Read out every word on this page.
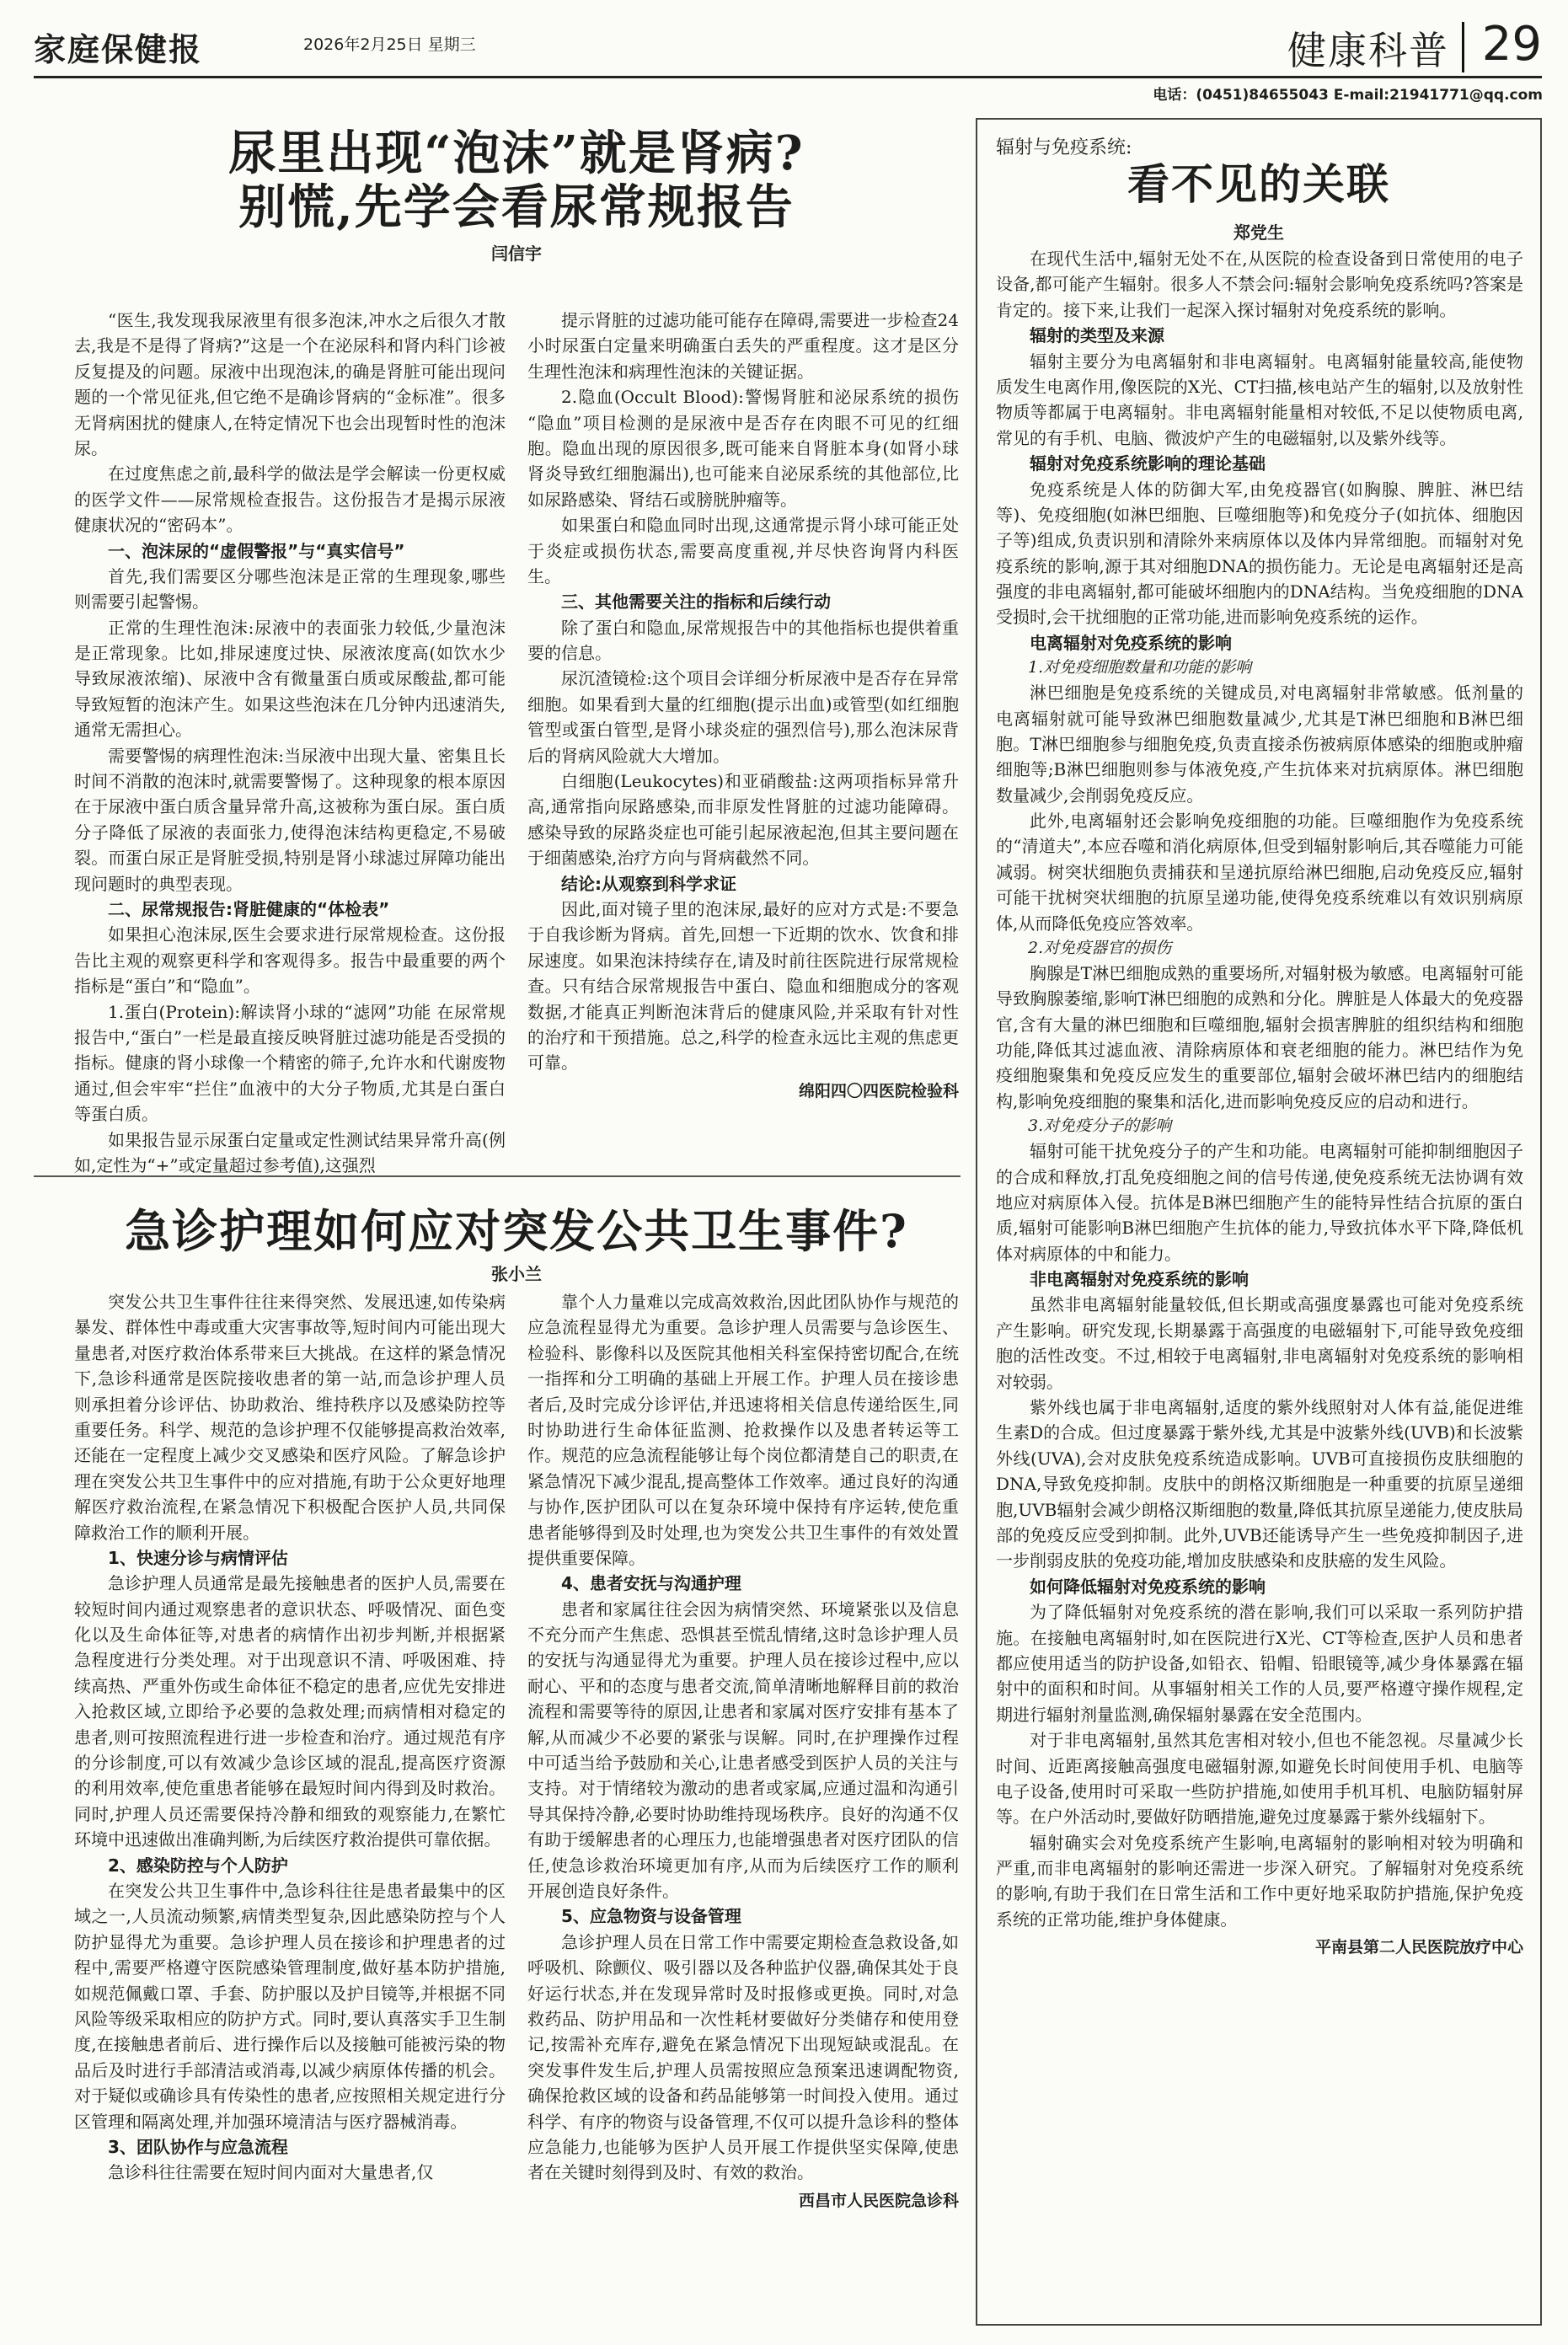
家庭保健报	2026年2月25日 星期三	健康科普 29
电话：(0451)84655043 E-mail:21941771@qq.com
尿里出现“泡沫”就是肾病?
别慌,先学会看尿常规报告
闫信宇

“医生,我发现我尿液里有很多泡沫,冲水之后很久才散去,我是不是得了肾病?”这是一个在泌尿科和肾内科门诊被反复提及的问题。尿液中出现泡沫,的确是肾脏可能出现问题的一个常见征兆,但它绝不是确诊肾病的“金标准”。很多无肾病困扰的健康人,在特定情况下也会出现暂时性的泡沫尿。

在过度焦虑之前,最科学的做法是学会解读一份更权威的医学文件——尿常规检查报告。这份报告才是揭示尿液健康状况的“密码本”。

一、泡沫尿的“虚假警报”与“真实信号”

首先,我们需要区分哪些泡沫是正常的生理现象,哪些则需要引起警惕。

正常的生理性泡沫:尿液中的表面张力较低,少量泡沫是正常现象。比如,排尿速度过快、尿液浓度高(如饮水少导致尿液浓缩)、尿液中含有微量蛋白质或尿酸盐,都可能导致短暂的泡沫产生。如果这些泡沫在几分钟内迅速消失,通常无需担心。

需要警惕的病理性泡沫:当尿液中出现大量、密集且长时间不消散的泡沫时,就需要警惕了。这种现象的根本原因在于尿液中蛋白质含量异常升高,这被称为蛋白尿。蛋白质分子降低了尿液的表面张力,使得泡沫结构更稳定,不易破裂。而蛋白尿正是肾脏受损,特别是肾小球滤过屏障功能出现问题时的典型表现。

二、尿常规报告:肾脏健康的“体检表”

如果担心泡沫尿,医生会要求进行尿常规检查。这份报告比主观的观察更科学和客观得多。报告中最重要的两个指标是“蛋白”和“隐血”。

1.蛋白(Protein):解读肾小球的“滤网”功能 在尿常规报告中,“蛋白”一栏是最直接反映肾脏过滤功能是否受损的指标。健康的肾小球像一个精密的筛子,允许水和代谢废物通过,但会牢牢“拦住”血液中的大分子物质,尤其是白蛋白等蛋白质。

如果报告显示尿蛋白定量或定性测试结果异常升高(例如,定性为“+”或定量超过参考值),这强烈

提示肾脏的过滤功能可能存在障碍,需要进一步检查24小时尿蛋白定量来明确蛋白丢失的严重程度。这才是区分生理性泡沫和病理性泡沫的关键证据。

2.隐血(Occult Blood):警惕肾脏和泌尿系统的损伤 “隐血”项目检测的是尿液中是否存在肉眼不可见的红细胞。隐血出现的原因很多,既可能来自肾脏本身(如肾小球肾炎导致红细胞漏出),也可能来自泌尿系统的其他部位,比如尿路感染、肾结石或膀胱肿瘤等。

如果蛋白和隐血同时出现,这通常提示肾小球可能正处于炎症或损伤状态,需要高度重视,并尽快咨询肾内科医生。

三、其他需要关注的指标和后续行动

除了蛋白和隐血,尿常规报告中的其他指标也提供着重要的信息。

尿沉渣镜检:这个项目会详细分析尿液中是否存在异常细胞。如果看到大量的红细胞(提示出血)或管型(如红细胞管型或蛋白管型,是肾小球炎症的强烈信号),那么泡沫尿背后的肾病风险就大大增加。

白细胞(Leukocytes)和亚硝酸盐:这两项指标异常升高,通常指向尿路感染,而非原发性肾脏的过滤功能障碍。感染导致的尿路炎症也可能引起尿液起泡,但其主要问题在于细菌感染,治疗方向与肾病截然不同。

结论:从观察到科学求证

因此,面对镜子里的泡沫尿,最好的应对方式是:不要急于自我诊断为肾病。首先,回想一下近期的饮水、饮食和排尿速度。如果泡沫持续存在,请及时前往医院进行尿常规检查。只有结合尿常规报告中蛋白、隐血和细胞成分的客观数据,才能真正判断泡沫背后的健康风险,并采取有针对性的治疗和干预措施。总之,科学的检查永远比主观的焦虑更可靠。

绵阳四〇四医院检验科
急诊护理如何应对突发公共卫生事件?
张小兰

突发公共卫生事件往往来得突然、发展迅速,如传染病暴发、群体性中毒或重大灾害事故等,短时间内可能出现大量患者,对医疗救治体系带来巨大挑战。在这样的紧急情况下,急诊科通常是医院接收患者的第一站,而急诊护理人员则承担着分诊评估、协助救治、维持秩序以及感染防控等重要任务。科学、规范的急诊护理不仅能够提高救治效率,还能在一定程度上减少交叉感染和医疗风险。了解急诊护理在突发公共卫生事件中的应对措施,有助于公众更好地理解医疗救治流程,在紧急情况下积极配合医护人员,共同保障救治工作的顺利开展。

1、快速分诊与病情评估

急诊护理人员通常是最先接触患者的医护人员,需要在较短时间内通过观察患者的意识状态、呼吸情况、面色变化以及生命体征等,对患者的病情作出初步判断,并根据紧急程度进行分类处理。对于出现意识不清、呼吸困难、持续高热、严重外伤或生命体征不稳定的患者,应优先安排进入抢救区域,立即给予必要的急救处理;而病情相对稳定的患者,则可按照流程进行进一步检查和治疗。通过规范有序的分诊制度,可以有效减少急诊区域的混乱,提高医疗资源的利用效率,使危重患者能够在最短时间内得到及时救治。同时,护理人员还需要保持冷静和细致的观察能力,在繁忙环境中迅速做出准确判断,为后续医疗救治提供可靠依据。

2、感染防控与个人防护

在突发公共卫生事件中,急诊科往往是患者最集中的区域之一,人员流动频繁,病情类型复杂,因此感染防控与个人防护显得尤为重要。急诊护理人员在接诊和护理患者的过程中,需要严格遵守医院感染管理制度,做好基本防护措施,如规范佩戴口罩、手套、防护服以及护目镜等,并根据不同风险等级采取相应的防护方式。同时,要认真落实手卫生制度,在接触患者前后、进行操作后以及接触可能被污染的物品后及时进行手部清洁或消毒,以减少病原体传播的机会。对于疑似或确诊具有传染性的患者,应按照相关规定进行分区管理和隔离处理,并加强环境清洁与医疗器械消毒。

3、团队协作与应急流程

急诊科往往需要在短时间内面对大量患者,仅

靠个人力量难以完成高效救治,因此团队协作与规范的应急流程显得尤为重要。急诊护理人员需要与急诊医生、检验科、影像科以及医院其他相关科室保持密切配合,在统一指挥和分工明确的基础上开展工作。护理人员在接诊患者后,及时完成分诊评估,并迅速将相关信息传递给医生,同时协助进行生命体征监测、抢救操作以及患者转运等工作。规范的应急流程能够让每个岗位都清楚自己的职责,在紧急情况下减少混乱,提高整体工作效率。通过良好的沟通与协作,医护团队可以在复杂环境中保持有序运转,使危重患者能够得到及时处理,也为突发公共卫生事件的有效处置提供重要保障。

4、患者安抚与沟通护理

患者和家属往往会因为病情突然、环境紧张以及信息不充分而产生焦虑、恐惧甚至慌乱情绪,这时急诊护理人员的安抚与沟通显得尤为重要。护理人员在接诊过程中,应以耐心、平和的态度与患者交流,简单清晰地解释目前的救治流程和需要等待的原因,让患者和家属对医疗安排有基本了解,从而减少不必要的紧张与误解。同时,在护理操作过程中可适当给予鼓励和关心,让患者感受到医护人员的关注与支持。对于情绪较为激动的患者或家属,应通过温和沟通引导其保持冷静,必要时协助维持现场秩序。良好的沟通不仅有助于缓解患者的心理压力,也能增强患者对医疗团队的信任,使急诊救治环境更加有序,从而为后续医疗工作的顺利开展创造良好条件。

5、应急物资与设备管理

急诊护理人员在日常工作中需要定期检查急救设备,如呼吸机、除颤仪、吸引器以及各种监护仪器,确保其处于良好运行状态,并在发现异常时及时报修或更换。同时,对急救药品、防护用品和一次性耗材要做好分类储存和使用登记,按需补充库存,避免在紧急情况下出现短缺或混乱。在突发事件发生后,护理人员需按照应急预案迅速调配物资,确保抢救区域的设备和药品能够第一时间投入使用。通过科学、有序的物资与设备管理,不仅可以提升急诊科的整体应急能力,也能够为医护人员开展工作提供坚实保障,使患者在关键时刻得到及时、有效的救治。

西昌市人民医院急诊科
辐射与免疫系统:
看不见的关联
郑党生

在现代生活中,辐射无处不在,从医院的检查设备到日常使用的电子设备,都可能产生辐射。很多人不禁会问:辐射会影响免疫系统吗?答案是肯定的。接下来,让我们一起深入探讨辐射对免疫系统的影响。

辐射的类型及来源

辐射主要分为电离辐射和非电离辐射。电离辐射能量较高,能使物质发生电离作用,像医院的X光、CT扫描,核电站产生的辐射,以及放射性物质等都属于电离辐射。非电离辐射能量相对较低,不足以使物质电离,常见的有手机、电脑、微波炉产生的电磁辐射,以及紫外线等。

辐射对免疫系统影响的理论基础

免疫系统是人体的防御大军,由免疫器官(如胸腺、脾脏、淋巴结等)、免疫细胞(如淋巴细胞、巨噬细胞等)和免疫分子(如抗体、细胞因子等)组成,负责识别和清除外来病原体以及体内异常细胞。而辐射对免疫系统的影响,源于其对细胞DNA的损伤能力。无论是电离辐射还是高强度的非电离辐射,都可能破坏细胞内的DNA结构。当免疫细胞的DNA受损时,会干扰细胞的正常功能,进而影响免疫系统的运作。

电离辐射对免疫系统的影响
1.对免疫细胞数量和功能的影响

淋巴细胞是免疫系统的关键成员,对电离辐射非常敏感。低剂量的电离辐射就可能导致淋巴细胞数量减少,尤其是T淋巴细胞和B淋巴细胞。T淋巴细胞参与细胞免疫,负责直接杀伤被病原体感染的细胞或肿瘤细胞等;B淋巴细胞则参与体液免疫,产生抗体来对抗病原体。淋巴细胞数量减少,会削弱免疫反应。

此外,电离辐射还会影响免疫细胞的功能。巨噬细胞作为免疫系统的“清道夫”,本应吞噬和消化病原体,但受到辐射影响后,其吞噬能力可能减弱。树突状细胞负责捕获和呈递抗原给淋巴细胞,启动免疫反应,辐射可能干扰树突状细胞的抗原呈递功能,使得免疫系统难以有效识别病原体,从而降低免疫应答效率。

2.对免疫器官的损伤

胸腺是T淋巴细胞成熟的重要场所,对辐射极为敏感。电离辐射可能导致胸腺萎缩,影响T淋巴细胞的成熟和分化。脾脏是人体最大的免疫器官,含有大量的淋巴细胞和巨噬细胞,辐射会损害脾脏的组织结构和细胞功能,降低其过滤血液、清除病原体和衰老细胞的能力。淋巴结作为免疫细胞聚集和免疫反应发生的重要部位,辐射会破坏淋巴结内的细胞结构,影响免疫细胞的聚集和活化,进而影响免疫反应的启动和进行。

3.对免疫分子的影响

辐射可能干扰免疫分子的产生和功能。电离辐射可能抑制细胞因子的合成和释放,打乱免疫细胞之间的信号传递,使免疫系统无法协调有效地应对病原体入侵。抗体是B淋巴细胞产生的能特异性结合抗原的蛋白质,辐射可能影响B淋巴细胞产生抗体的能力,导致抗体水平下降,降低机体对病原体的中和能力。

非电离辐射对免疫系统的影响

虽然非电离辐射能量较低,但长期或高强度暴露也可能对免疫系统产生影响。研究发现,长期暴露于高强度的电磁辐射下,可能导致免疫细胞的活性改变。不过,相较于电离辐射,非电离辐射对免疫系统的影响相对较弱。

紫外线也属于非电离辐射,适度的紫外线照射对人体有益,能促进维生素D的合成。但过度暴露于紫外线,尤其是中波紫外线(UVB)和长波紫外线(UVA),会对皮肤免疫系统造成影响。UVB可直接损伤皮肤细胞的DNA,导致免疫抑制。皮肤中的朗格汉斯细胞是一种重要的抗原呈递细胞,UVB辐射会减少朗格汉斯细胞的数量,降低其抗原呈递能力,使皮肤局部的免疫反应受到抑制。此外,UVB还能诱导产生一些免疫抑制因子,进一步削弱皮肤的免疫功能,增加皮肤感染和皮肤癌的发生风险。

如何降低辐射对免疫系统的影响

为了降低辐射对免疫系统的潜在影响,我们可以采取一系列防护措施。在接触电离辐射时,如在医院进行X光、CT等检查,医护人员和患者都应使用适当的防护设备,如铅衣、铅帽、铅眼镜等,减少身体暴露在辐射中的面积和时间。从事辐射相关工作的人员,要严格遵守操作规程,定期进行辐射剂量监测,确保辐射暴露在安全范围内。

对于非电离辐射,虽然其危害相对较小,但也不能忽视。尽量减少长时间、近距离接触高强度电磁辐射源,如避免长时间使用手机、电脑等电子设备,使用时可采取一些防护措施,如使用手机耳机、电脑防辐射屏等。在户外活动时,要做好防晒措施,避免过度暴露于紫外线辐射下。

辐射确实会对免疫系统产生影响,电离辐射的影响相对较为明确和严重,而非电离辐射的影响还需进一步深入研究。了解辐射对免疫系统的影响,有助于我们在日常生活和工作中更好地采取防护措施,保护免疫系统的正常功能,维护身体健康。

平南县第二人民医院放疗中心
